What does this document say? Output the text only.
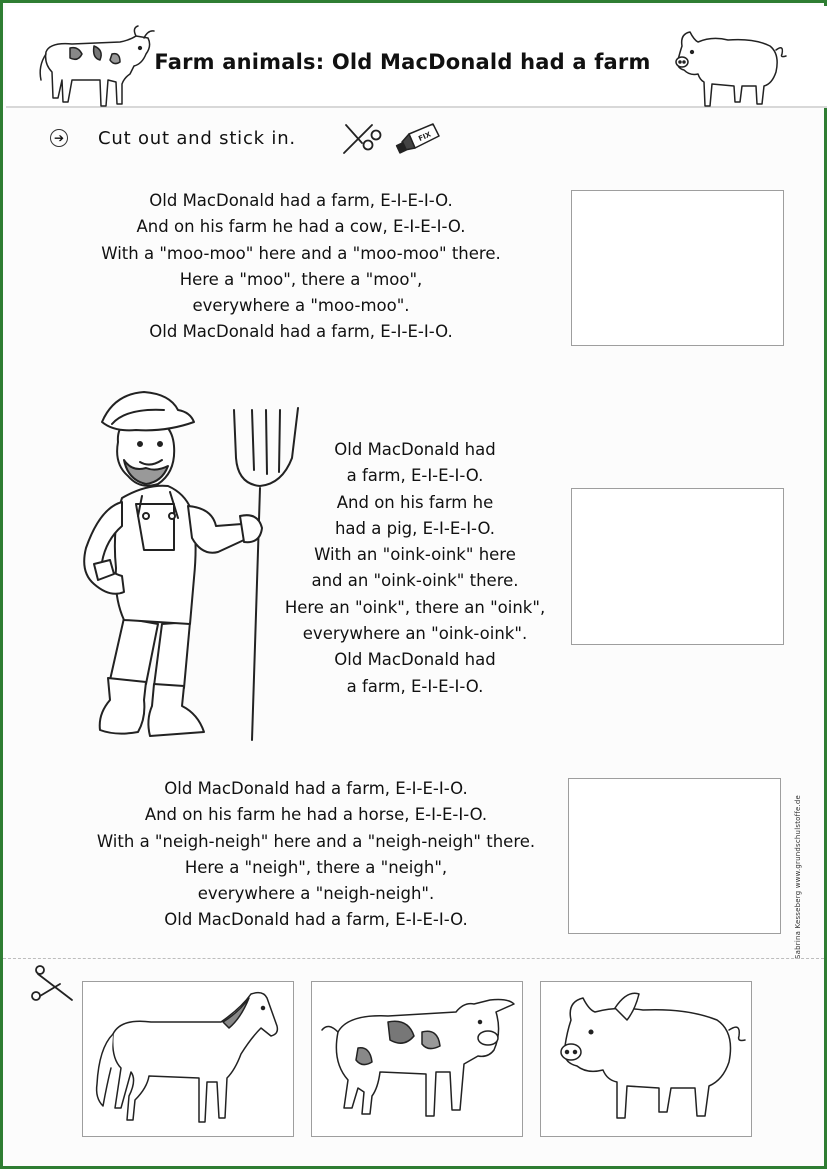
Farm animals: Old MacDonald had a farm
➔ Cut out and stick in.	FIX
Old MacDonald had a farm, E-I-E-I-O.
And on his farm he had a cow, E-I-E-I-O.
With a "moo-moo" here and a "moo-moo" there.
Here a "moo", there a "moo",
everywhere a "moo-moo".
Old MacDonald had a farm, E-I-E-I-O.
Old MacDonald had
a farm, E-I-E-I-O.
And on his farm he
had a pig, E-I-E-I-O.
With an "oink-oink" here
and an "oink-oink" there.
Here an "oink", there an "oink",
everywhere an "oink-oink".
Old MacDonald had
a farm, E-I-E-I-O.
Old MacDonald had a farm, E-I-E-I-O.
And on his farm he had a horse, E-I-E-I-O.
With a "neigh-neigh" here and a "neigh-neigh" there.
Here a "neigh", there a "neigh",
everywhere a "neigh-neigh".
Old MacDonald had a farm, E-I-E-I-O.	Sabrina Kesseberg www.grundschulstoffe.de
